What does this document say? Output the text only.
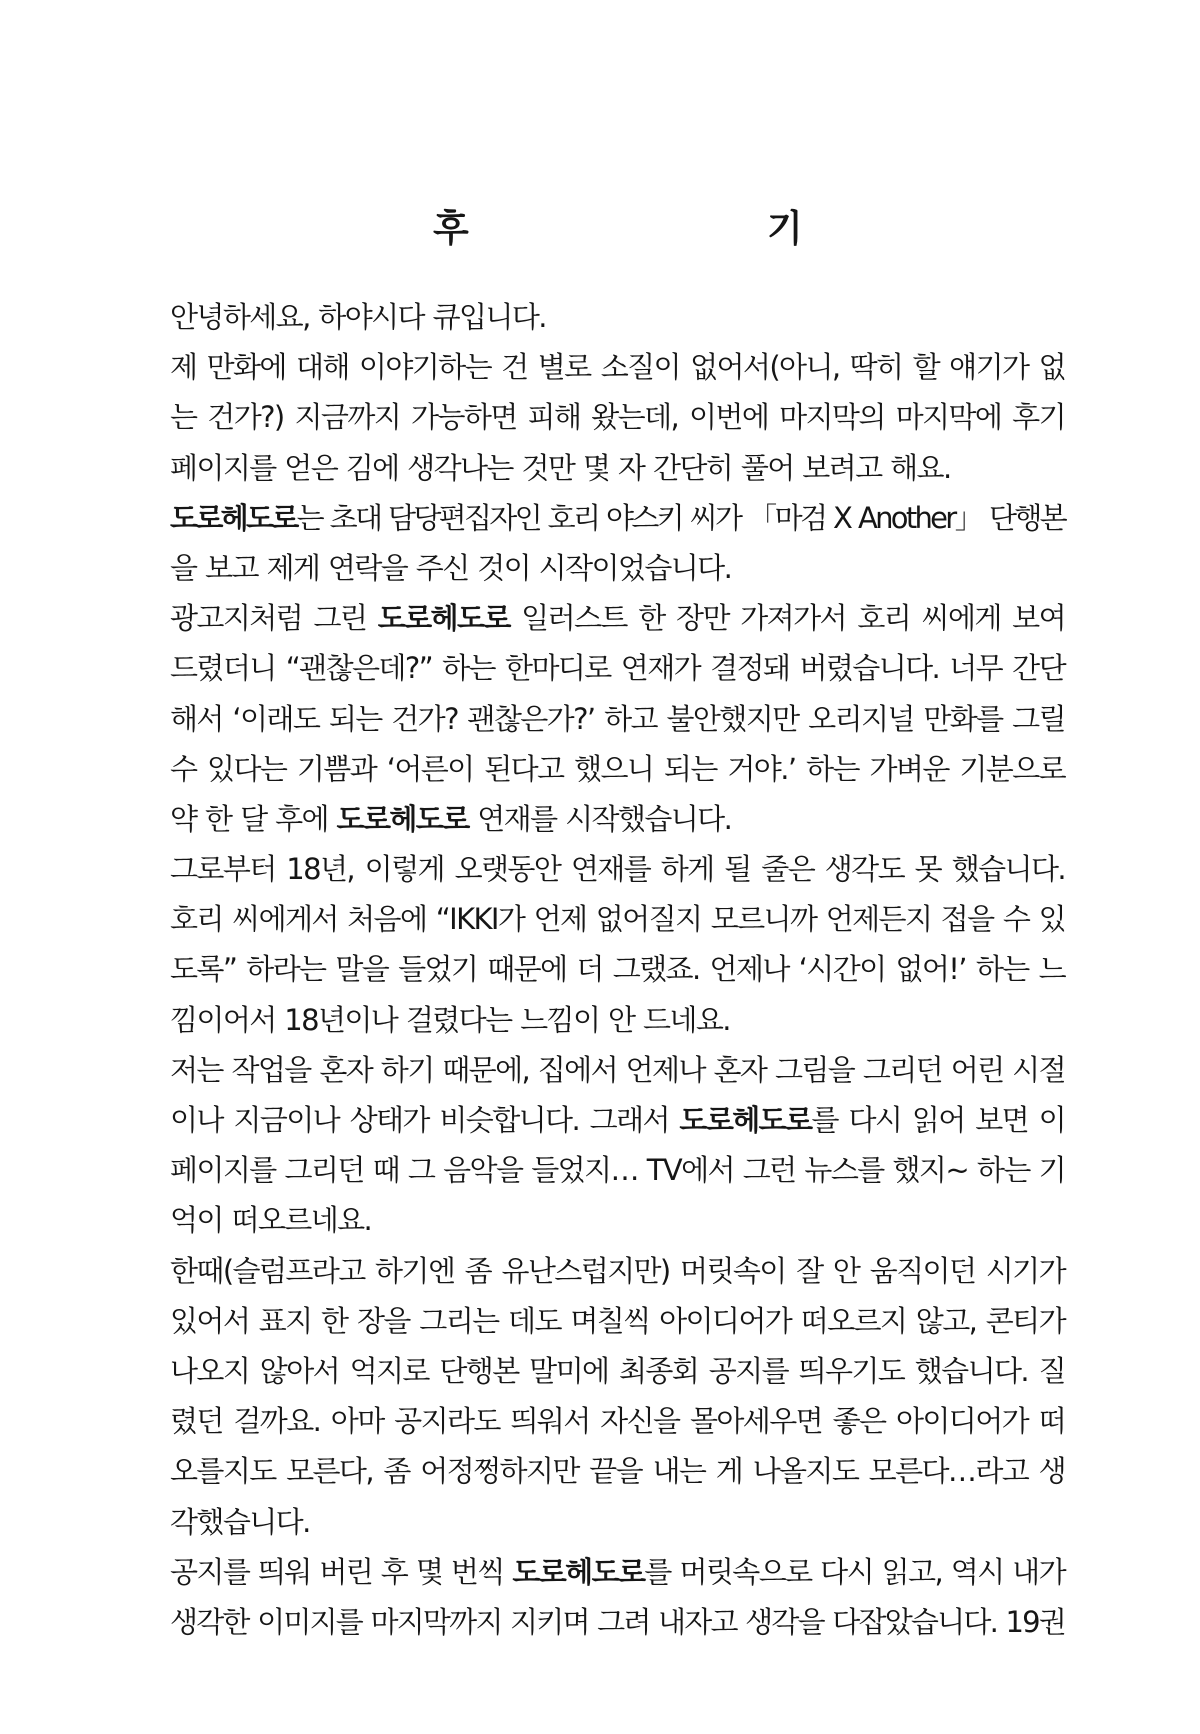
후	기
안녕하세요, 하야시다 큐입니다.
제 만화에 대해 이야기하는 건 별로 소질이 없어서(아니, 딱히 할 얘기가 없
는 건가?) 지금까지 가능하면 피해 왔는데, 이번에 마지막의 마지막에 후기
페이지를 얻은 김에 생각나는 것만 몇 자 간단히 풀어 보려고 해요.
도로헤도로는 초대 담당편집자인 호리 야스키 씨가 「마검 X Another」 단행본
을 보고 제게 연락을 주신 것이 시작이었습니다.
광고지처럼 그린 도로헤도로 일러스트 한 장만 가져가서 호리 씨에게 보여
드렸더니 “괜찮은데?” 하는 한마디로 연재가 결정돼 버렸습니다. 너무 간단
해서 ‘이래도 되는 건가? 괜찮은가?’ 하고 불안했지만 오리지널 만화를 그릴
수 있다는 기쁨과 ‘어른이 된다고 했으니 되는 거야.’ 하는 가벼운 기분으로
약 한 달 후에 도로헤도로 연재를 시작했습니다.
그로부터 18년, 이렇게 오랫동안 연재를 하게 될 줄은 생각도 못 했습니다.
호리 씨에게서 처음에 “IKKI가 언제 없어질지 모르니까 언제든지 접을 수 있
도록” 하라는 말을 들었기 때문에 더 그랬죠. 언제나 ‘시간이 없어!’ 하는 느
낌이어서 18년이나 걸렸다는 느낌이 안 드네요.
저는 작업을 혼자 하기 때문에, 집에서 언제나 혼자 그림을 그리던 어린 시절
이나 지금이나 상태가 비슷합니다. 그래서 도로헤도로를 다시 읽어 보면 이
페이지를 그리던 때 그 음악을 들었지… TV에서 그런 뉴스를 했지~ 하는 기
억이 떠오르네요.
한때(슬럼프라고 하기엔 좀 유난스럽지만) 머릿속이 잘 안 움직이던 시기가
있어서 표지 한 장을 그리는 데도 며칠씩 아이디어가 떠오르지 않고, 콘티가
나오지 않아서 억지로 단행본 말미에 최종회 공지를 띄우기도 했습니다. 질
렸던 걸까요. 아마 공지라도 띄워서 자신을 몰아세우면 좋은 아이디어가 떠
오를지도 모른다, 좀 어정쩡하지만 끝을 내는 게 나올지도 모른다…라고 생
각했습니다.
공지를 띄워 버린 후 몇 번씩 도로헤도로를 머릿속으로 다시 읽고, 역시 내가
생각한 이미지를 마지막까지 지키며 그려 내자고 생각을 다잡았습니다. 19권
